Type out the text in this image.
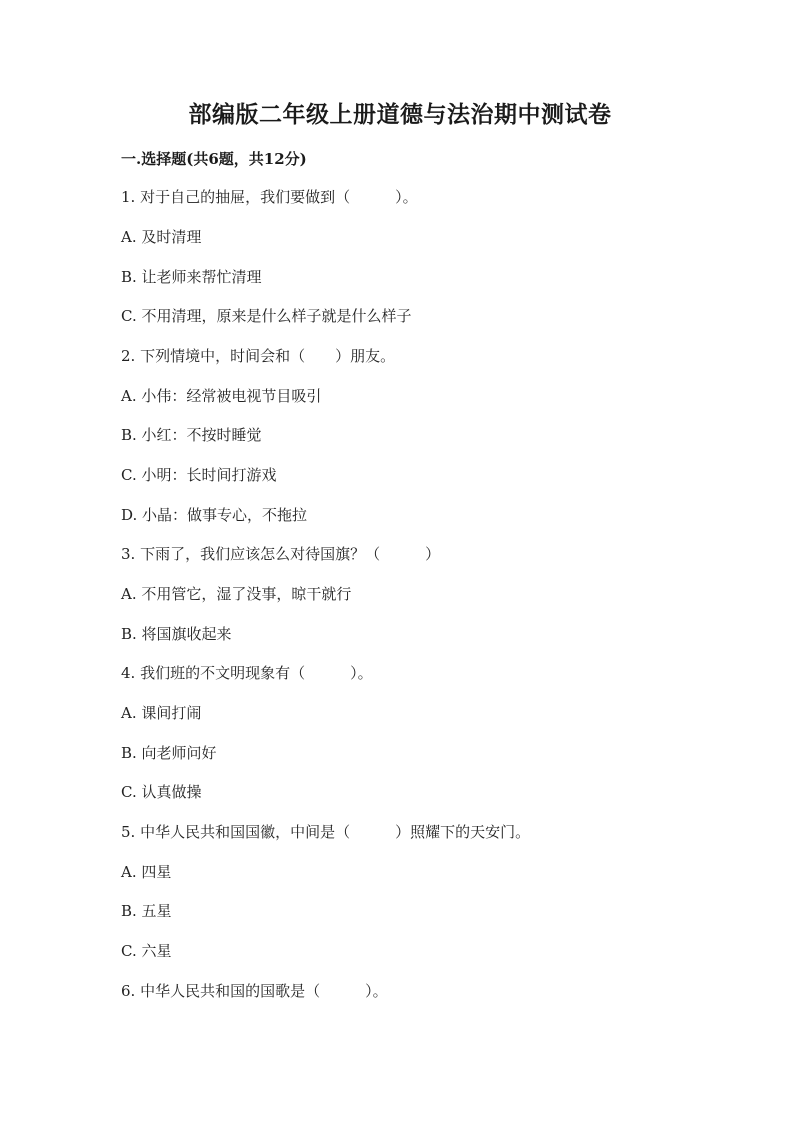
部编版二年级上册道德与法治期中测试卷
一.选择题(共6题，共12分)
1. 对于自己的抽屉，我们要做到（　　　）。
A. 及时清理
B. 让老师来帮忙清理
C. 不用清理，原来是什么样子就是什么样子
2. 下列情境中，时间会和（　　）朋友。
A. 小伟：经常被电视节目吸引
B. 小红：不按时睡觉
C. 小明：长时间打游戏
D. 小晶：做事专心，不拖拉
3. 下雨了，我们应该怎么对待国旗？（　　　）
A. 不用管它，湿了没事，晾干就行
B. 将国旗收起来
4. 我们班的不文明现象有（　　　）。
A. 课间打闹
B. 向老师问好
C. 认真做操
5. 中华人民共和国国徽，中间是（　　　）照耀下的天安门。
A. 四星
B. 五星
C. 六星
6. 中华人民共和国的国歌是（　　　）。
